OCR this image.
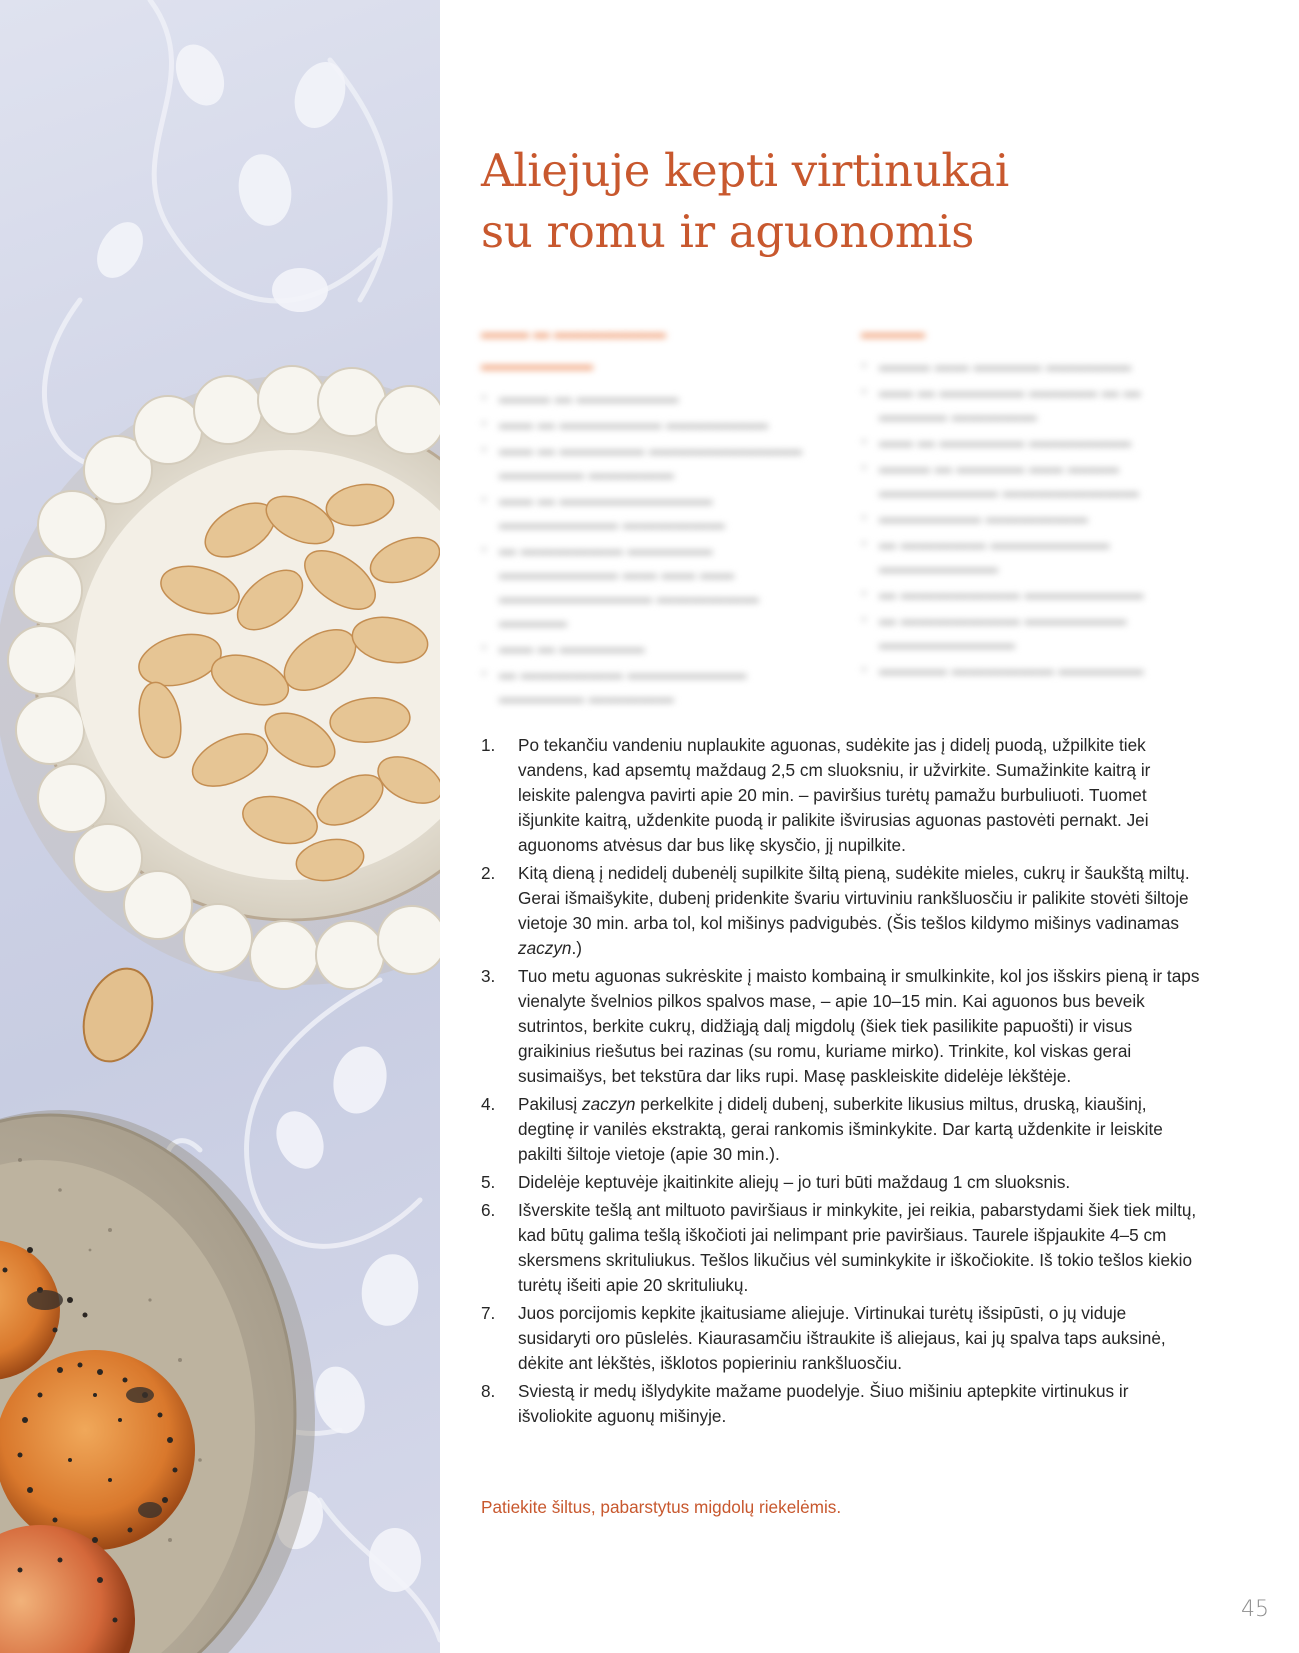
Aliejuje kepti virtinukai
su romu ir aguonomis
▬▬▬ ▬ ▬▬▬▬▬▬▬
▬▬▬▬▬▬▬
• ▬▬▬ ▬ ▬▬▬▬▬▬
• ▬▬ ▬ ▬▬▬▬▬▬ ▬▬▬▬▬▬
• ▬▬ ▬ ▬▬▬▬▬ ▬▬▬▬▬▬▬▬▬ ▬▬▬▬▬ ▬▬▬▬▬
• ▬▬ ▬ ▬▬▬▬▬▬▬▬▬ ▬▬▬▬▬▬▬ ▬▬▬▬▬▬
• ▬ ▬▬▬▬▬▬ ▬▬▬▬▬ ▬▬▬▬▬▬▬ ▬▬ ▬▬ ▬▬ ▬▬▬▬▬▬▬▬▬ ▬▬▬▬▬▬ ▬▬▬▬
• ▬▬ ▬ ▬▬▬▬▬
• ▬ ▬▬▬▬▬▬ ▬▬▬▬▬▬▬ ▬▬▬▬▬ ▬▬▬▬▬
▬▬▬▬
• ▬▬▬ ▬▬ ▬▬▬▬ ▬▬▬▬▬
• ▬▬ ▬ ▬▬▬▬▬ ▬▬▬▬ ▬ ▬ ▬▬▬▬ ▬▬▬▬▬
• ▬▬ ▬ ▬▬▬▬▬ ▬▬▬▬▬▬
• ▬▬▬ ▬ ▬▬▬▬ ▬▬ ▬▬▬ ▬▬▬▬▬▬▬ ▬▬▬▬▬▬▬▬
• ▬▬▬▬▬▬ ▬▬▬▬▬▬
• ▬ ▬▬▬▬▬ ▬▬▬▬▬▬▬ ▬▬▬▬▬▬▬
• ▬ ▬▬▬▬▬▬▬ ▬▬▬▬▬▬▬
• ▬ ▬▬▬▬▬▬▬ ▬▬▬▬▬▬ ▬▬▬▬▬▬▬▬
• ▬▬▬▬ ▬▬▬▬▬▬ ▬▬▬▬▬
1. Po tekančiu vandeniu nuplaukite aguonas, sudėkite jas į didelį puodą, užpilkite tiek vandens, kad apsemtų maždaug 2,5 cm sluoksniu, ir užvirkite. Sumažinkite kaitrą ir leiskite palengva pavirti apie 20 min. – paviršius turėtų pamažu burbuliuoti. Tuomet išjunkite kaitrą, uždenkite puodą ir palikite išvirusias aguonas pastovėti pernakt. Jei aguonoms atvėsus dar bus likę skysčio, jį nupilkite.
2. Kitą dieną į nedidelį dubenėlį supilkite šiltą pieną, sudėkite mieles, cukrų ir šaukštą miltų. Gerai išmaišykite, dubenį pridenkite švariu virtuviniu rankšluosčiu ir palikite stovėti šiltoje vietoje 30 min. arba tol, kol mišinys padvigubės. (Šis tešlos kildymo mišinys vadinamas zaczyn.)
3. Tuo metu aguonas sukrėskite į maisto kombainą ir smulkinkite, kol jos išskirs pieną ir taps vienalyte švelnios pilkos spalvos mase, – apie 10–15 min. Kai aguonos bus beveik sutrintos, berkite cukrų, didžiąją dalį migdolų (šiek tiek pasilikite papuošti) ir visus graikinius riešutus bei razinas (su romu, kuriame mirko). Trinkite, kol viskas gerai susimaišys, bet tekstūra dar liks rupi. Masę paskleiskite didelėje lėkštėje.
4. Pakilusį zaczyn perkelkite į didelį dubenį, suberkite likusius miltus, druską, kiaušinį, degtinę ir vanilės ekstraktą, gerai rankomis išminkykite. Dar kartą uždenkite ir leiskite pakilti šiltoje vietoje (apie 30 min.).
5. Didelėje keptuvėje įkaitinkite aliejų – jo turi būti maždaug 1 cm sluoksnis.
6. Išverskite tešlą ant miltuoto paviršiaus ir minkykite, jei reikia, pabarstydami šiek tiek miltų, kad būtų galima tešlą iškočioti jai nelimpant prie paviršiaus. Taurele išpjaukite 4–5 cm skersmens skrituliukus. Tešlos likučius vėl suminkykite ir iškočiokite. Iš tokio tešlos kiekio turėtų išeiti apie 20 skrituliukų.
7. Juos porcijomis kepkite įkaitusiame aliejuje. Virtinukai turėtų išsipūsti, o jų viduje susidaryti oro pūslelės. Kiaurasamčiu ištraukite iš aliejaus, kai jų spalva taps auksinė, dėkite ant lėkštės, išklotos popieriniu rankšluosčiu.
8. Sviestą ir medų išlydykite mažame puodelyje. Šiuo mišiniu aptepkite virtinukus ir išvoliokite aguonų mišinyje.

Patiekite šiltus, pabarstytus migdolų riekelėmis.

45
